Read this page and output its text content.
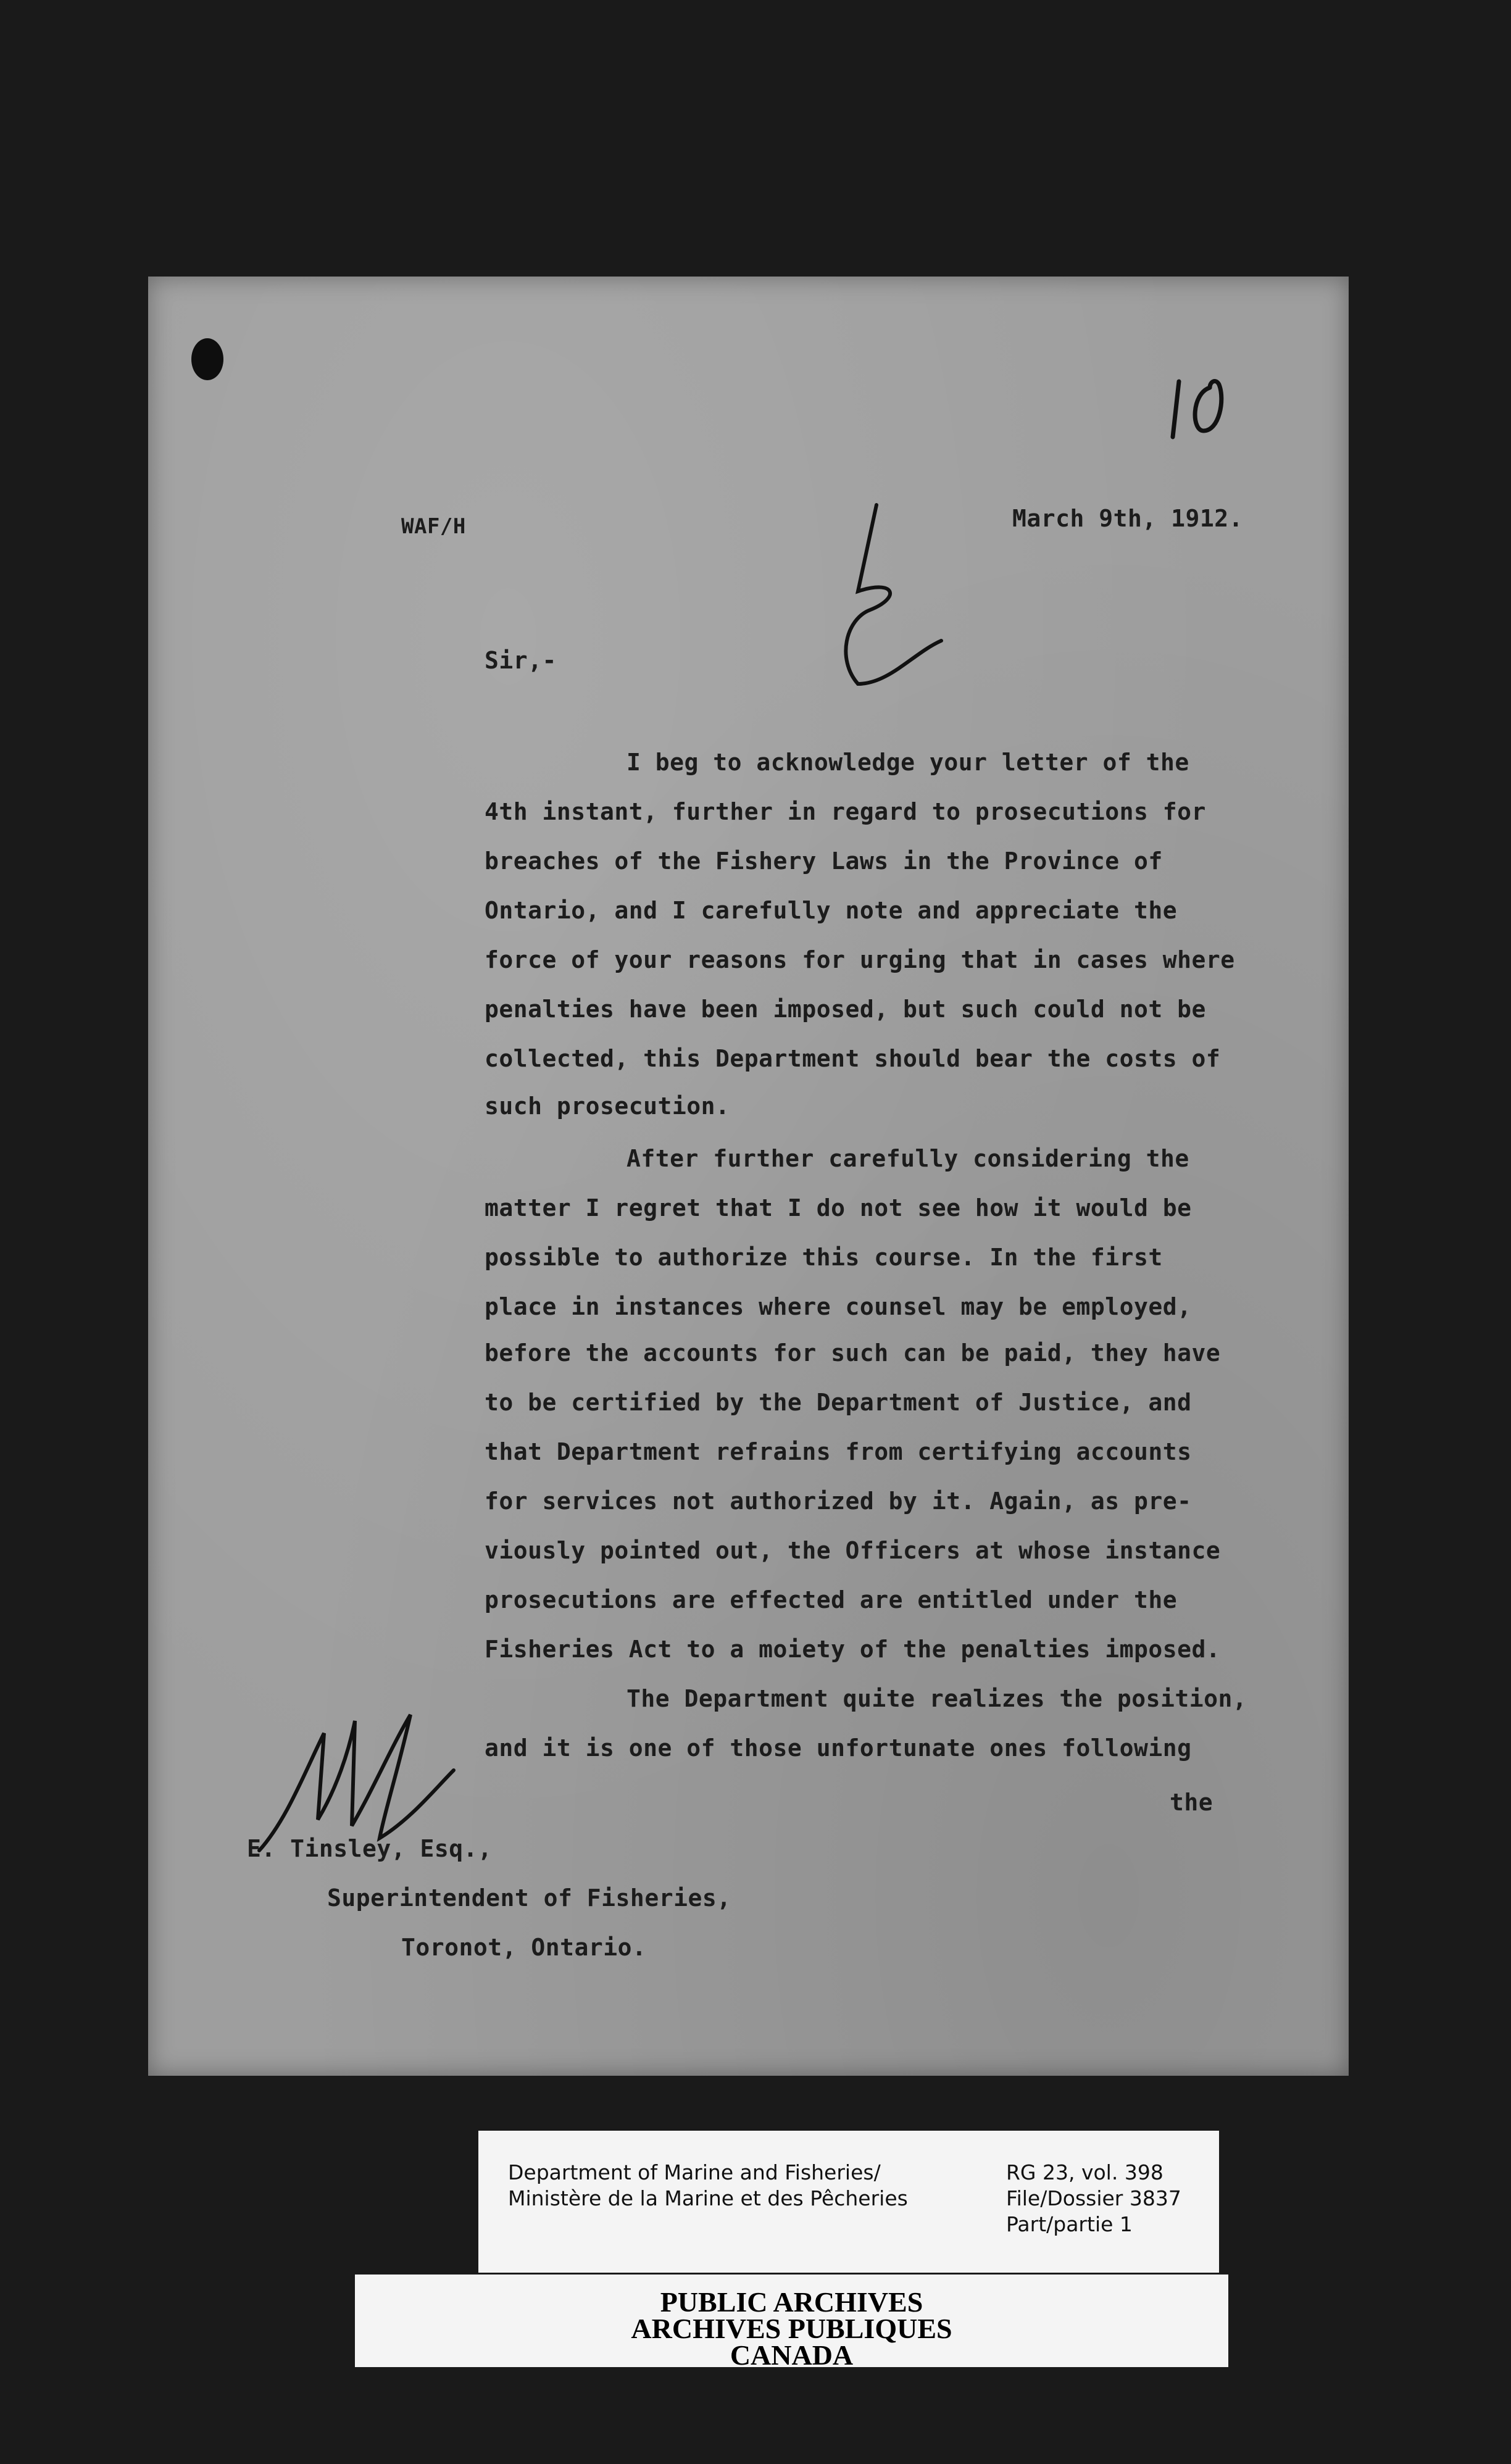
WAF/H	March 9th, 1912.
Sir,-
I beg to acknowledge your letter of the
4th instant, further in regard to prosecutions for
breaches of the Fishery Laws in the Province of
Ontario, and I carefully note and appreciate the
force of your reasons for urging that in cases where
penalties have been imposed, but such could not be
collected, this Department should bear the costs of
such prosecution.
After further carefully considering the
matter I regret that I do not see how it would be
possible to authorize this course. In the first
place in instances where counsel may be employed,
before the accounts for such can be paid, they have
to be certified by the Department of Justice, and
that Department refrains from certifying accounts
for services not authorized by it. Again, as pre-
viously pointed out, the Officers at whose instance
prosecutions are effected are entitled under the
Fisheries Act to a moiety of the penalties imposed.
The Department quite realizes the position,
and it is one of those unfortunate ones following
the
E. Tinsley, Esq.,
Superintendent of Fisheries,
Toronot, Ontario.
Department of Marine and Fisheries/
Ministère de la Marine et des Pêcheries
RG 23, vol. 398
File/Dossier 3837
Part/partie 1
PUBLIC ARCHIVES
ARCHIVES PUBLIQUES
CANADA
